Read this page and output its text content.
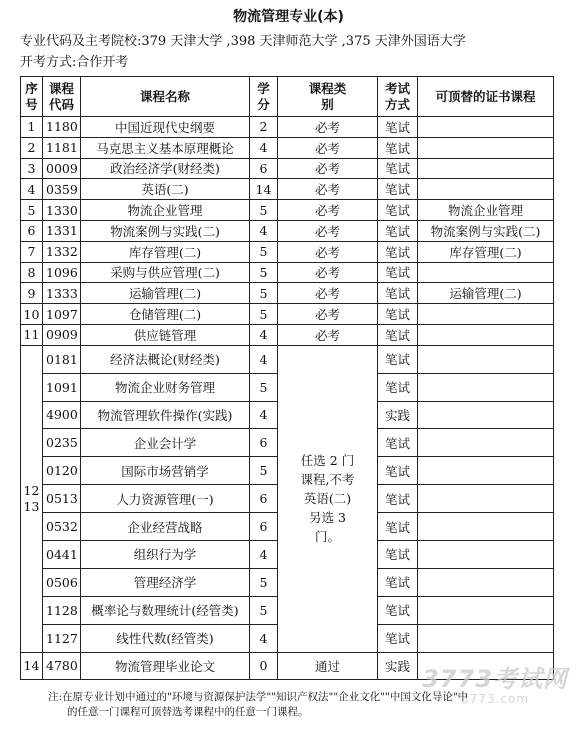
物流管理专业(本)
专业代码及主考院校:379 天津大学 ,398 天津师范大学 ,375 天津外国语大学
开考方式:合作开考
序号	课程代码	课程名称	学分	课程类别	考试方式	可顶替的证书课程
1	1180	中国近现代史纲要	2	必考	笔试	
2	1181	马克思主义基本原理概论	4	必考	笔试	
3	0009	政治经济学(财经类)	6	必考	笔试	
4	0359	英语(二)	14	必考	笔试	
5	1330	物流企业管理	5	必考	笔试	物流企业管理
6	1331	物流案例与实践(二)	4	必考	笔试	物流案例与实践(二)
7	1332	库存管理(二)	5	必考	笔试	库存管理(二)
8	1096	采购与供应管理(二)	5	必考	笔试	
9	1333	运输管理(二)	5	必考	笔试	运输管理(二)
10	1097	仓储管理(二)	5	必考	笔试	
11	0909	供应链管理	4	必考	笔试	
12 13	0181	经济法概论(财经类)	4	任选 2 门课程,不考英语(二)另选 3 门。	笔试	
	1091	物流企业财务管理	5		笔试	
	4900	物流管理软件操作(实践)	4		实践	
	0235	企业会计学	6		笔试	
	0120	国际市场营销学	5		笔试	
	0513	人力资源管理(一)	6		笔试	
	0532	企业经营战略	6		笔试	
	0441	组织行为学	4		笔试	
	0506	管理经济学	5		笔试	
	1128	概率论与数理统计(经管类)	5		笔试	
	1127	线性代数(经管类)	4		笔试	
14	4780	物流管理毕业论文	0	通过	实践	3773考试网
3773.com

注:在原专业计划中通过的"环境与资源保护法学""知识产权法""企业文化""中国文化导论"中

的任意一门课程可顶替选考课程中的任意一门课程。
